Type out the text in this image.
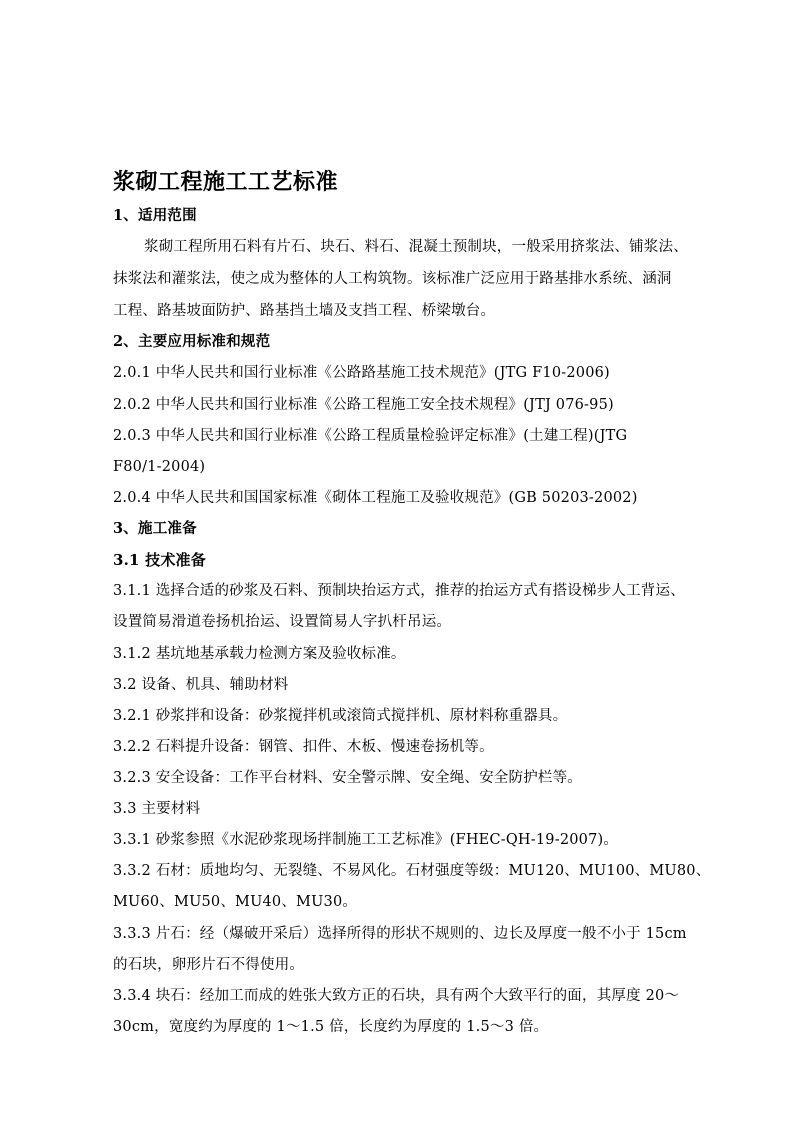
浆砌工程施工工艺标准
1、适用范围
浆砌工程所用石料有片石、块石、料石、混凝土预制块，一般采用挤浆法、铺浆法、
抹浆法和灌浆法，使之成为整体的人工构筑物。该标准广泛应用于路基排水系统、涵洞
工程、路基坡面防护、路基挡土墙及支挡工程、桥梁墩台。
2、主要应用标准和规范
2.0.1 中华人民共和国行业标准《公路路基施工技术规范》(JTG F10-2006)
2.0.2 中华人民共和国行业标准《公路工程施工安全技术规程》(JTJ 076-95)
2.0.3 中华人民共和国行业标准《公路工程质量检验评定标准》(土建工程)(JTG
F80/1-2004)
2.0.4 中华人民共和国国家标准《砌体工程施工及验收规范》(GB 50203-2002)
3、施工准备
3.1 技术准备
3.1.1 选择合适的砂浆及石料、预制块抬运方式，推荐的抬运方式有搭设梯步人工背运、
设置简易滑道卷扬机抬运、设置简易人字扒杆吊运。
3.1.2 基坑地基承载力检测方案及验收标准。
3.2 设备、机具、辅助材料
3.2.1 砂浆拌和设备：砂浆搅拌机或滚筒式搅拌机、原材料称重器具。
3.2.2 石料提升设备：钢管、扣件、木板、慢速卷扬机等。
3.2.3 安全设备：工作平台材料、安全警示牌、安全绳、安全防护栏等。
3.3 主要材料
3.3.1 砂浆参照《水泥砂浆现场拌制施工工艺标准》(FHEC-QH-19-2007)。
3.3.2 石材：质地均匀、无裂缝、不易风化。石材强度等级：MU120、MU100、MU80、
MU60、MU50、MU40、MU30。
3.3.3 片石：经（爆破开采后）选择所得的形状不规则的、边长及厚度一般不小于 15cm
的石块，卵形片石不得使用。
3.3.4 块石：经加工而成的姓张大致方正的石块，具有两个大致平行的面，其厚度 20～
30cm，宽度约为厚度的 1～1.5 倍，长度约为厚度的 1.5～3 倍。
